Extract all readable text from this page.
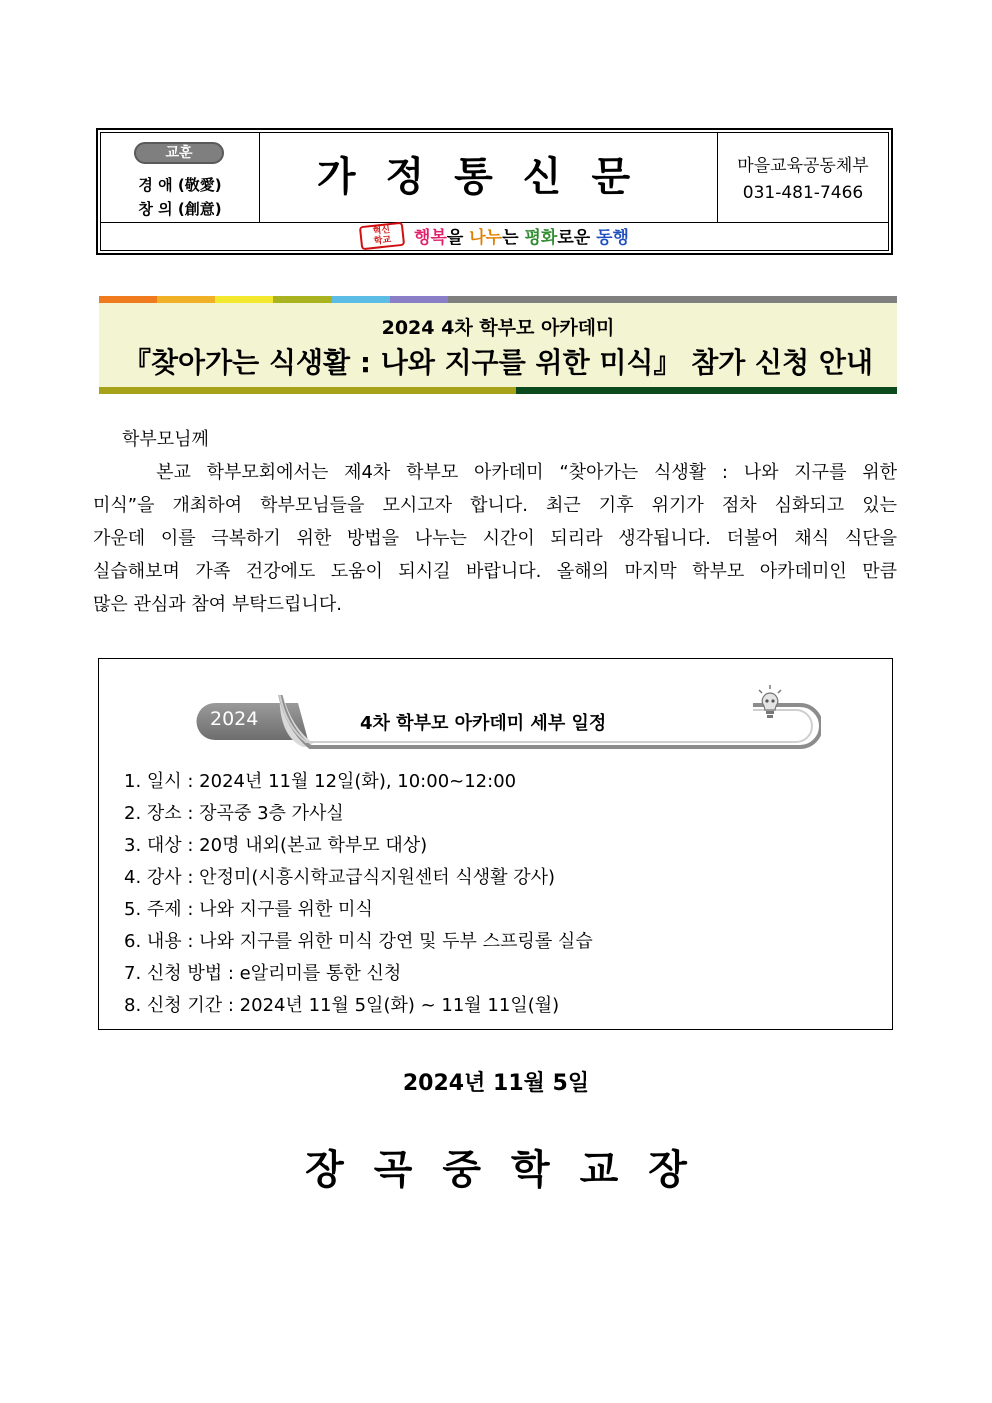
교훈
경 애 (敬愛)
창 의 (創意)
가정통신문	마을교육공동체부
031-481-7466
혁신
학교 행복을 나누는 평화로운 동행
2024 4차 학부모 아카데미
『찾아가는 식생활 : 나와 지구를 위한 미식』 참가 신청 안내
학부모님께
본교 학부모회에서는 제4차 학부모 아카데미 “찾아가는 식생활 : 나와 지구를 위한
미식”을 개최하여 학부모님들을 모시고자 합니다. 최근 기후 위기가 점차 심화되고 있는
가운데 이를 극복하기 위한 방법을 나누는 시간이 되리라 생각됩니다. 더불어 채식 식단을
실습해보며 가족 건강에도 도움이 되시길 바랍니다. 올해의 마지막 학부모 아카데미인 만큼
많은 관심과 참여 부탁드립니다.
2024	4차 학부모 아카데미 세부 일정
1. 일시 : 2024년 11월 12일(화), 10:00~12:00
2. 장소 : 장곡중 3층 가사실
3. 대상 : 20명 내외(본교 학부모 대상)
4. 강사 : 안정미(시흥시학교급식지원센터 식생활 강사)
5. 주제 : 나와 지구를 위한 미식
6. 내용 : 나와 지구를 위한 미식 강연 및 두부 스프링롤 실습
7. 신청 방법 : e알리미를 통한 신청
8. 신청 기간 : 2024년 11월 5일(화) ~ 11월 11일(월)
2024년 11월 5일
장곡중학교장
